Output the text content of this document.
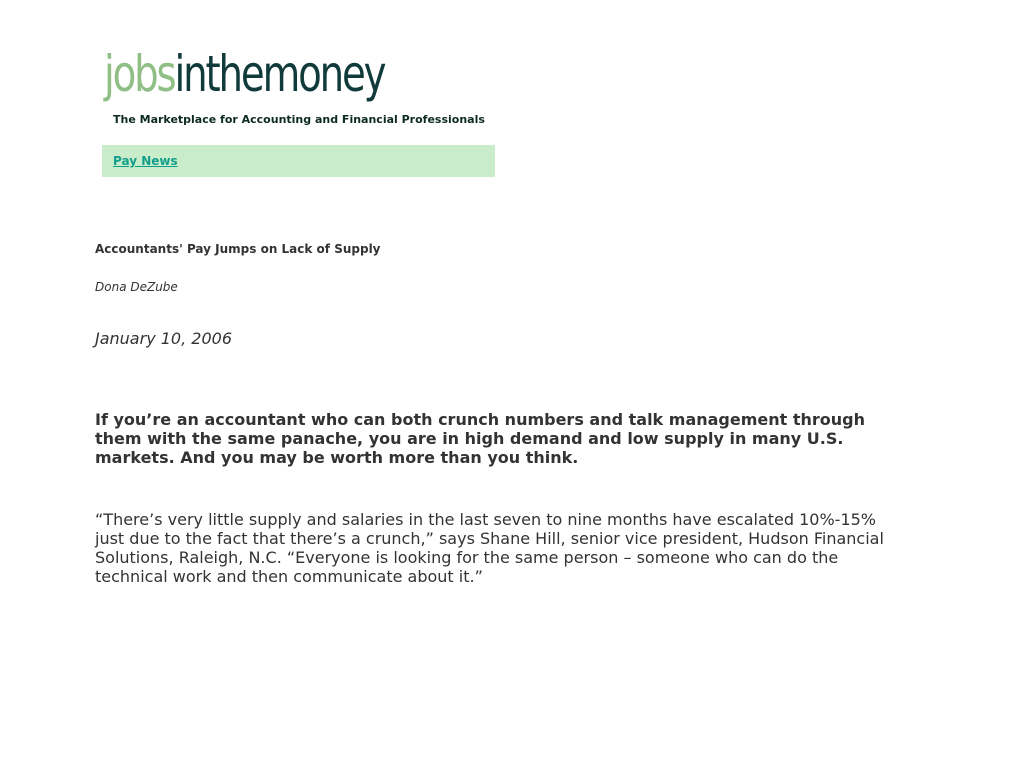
jobsinthemoney
The Marketplace for Accounting and Financial Professionals
Pay News
Accountants' Pay Jumps on Lack of Supply
Dona DeZube
January 10, 2006

If you’re an accountant who can both crunch numbers and talk management through them with the same panache, you are in high demand and low supply in many U.S. markets. And you may be worth more than you think.

“There’s very little supply and salaries in the last seven to nine months have escalated 10%-15% just due to the fact that there’s a crunch,” says Shane Hill, senior vice president, Hudson Financial Solutions, Raleigh, N.C. “Everyone is looking for the same person – someone who can do the technical work and then communicate about it.”
